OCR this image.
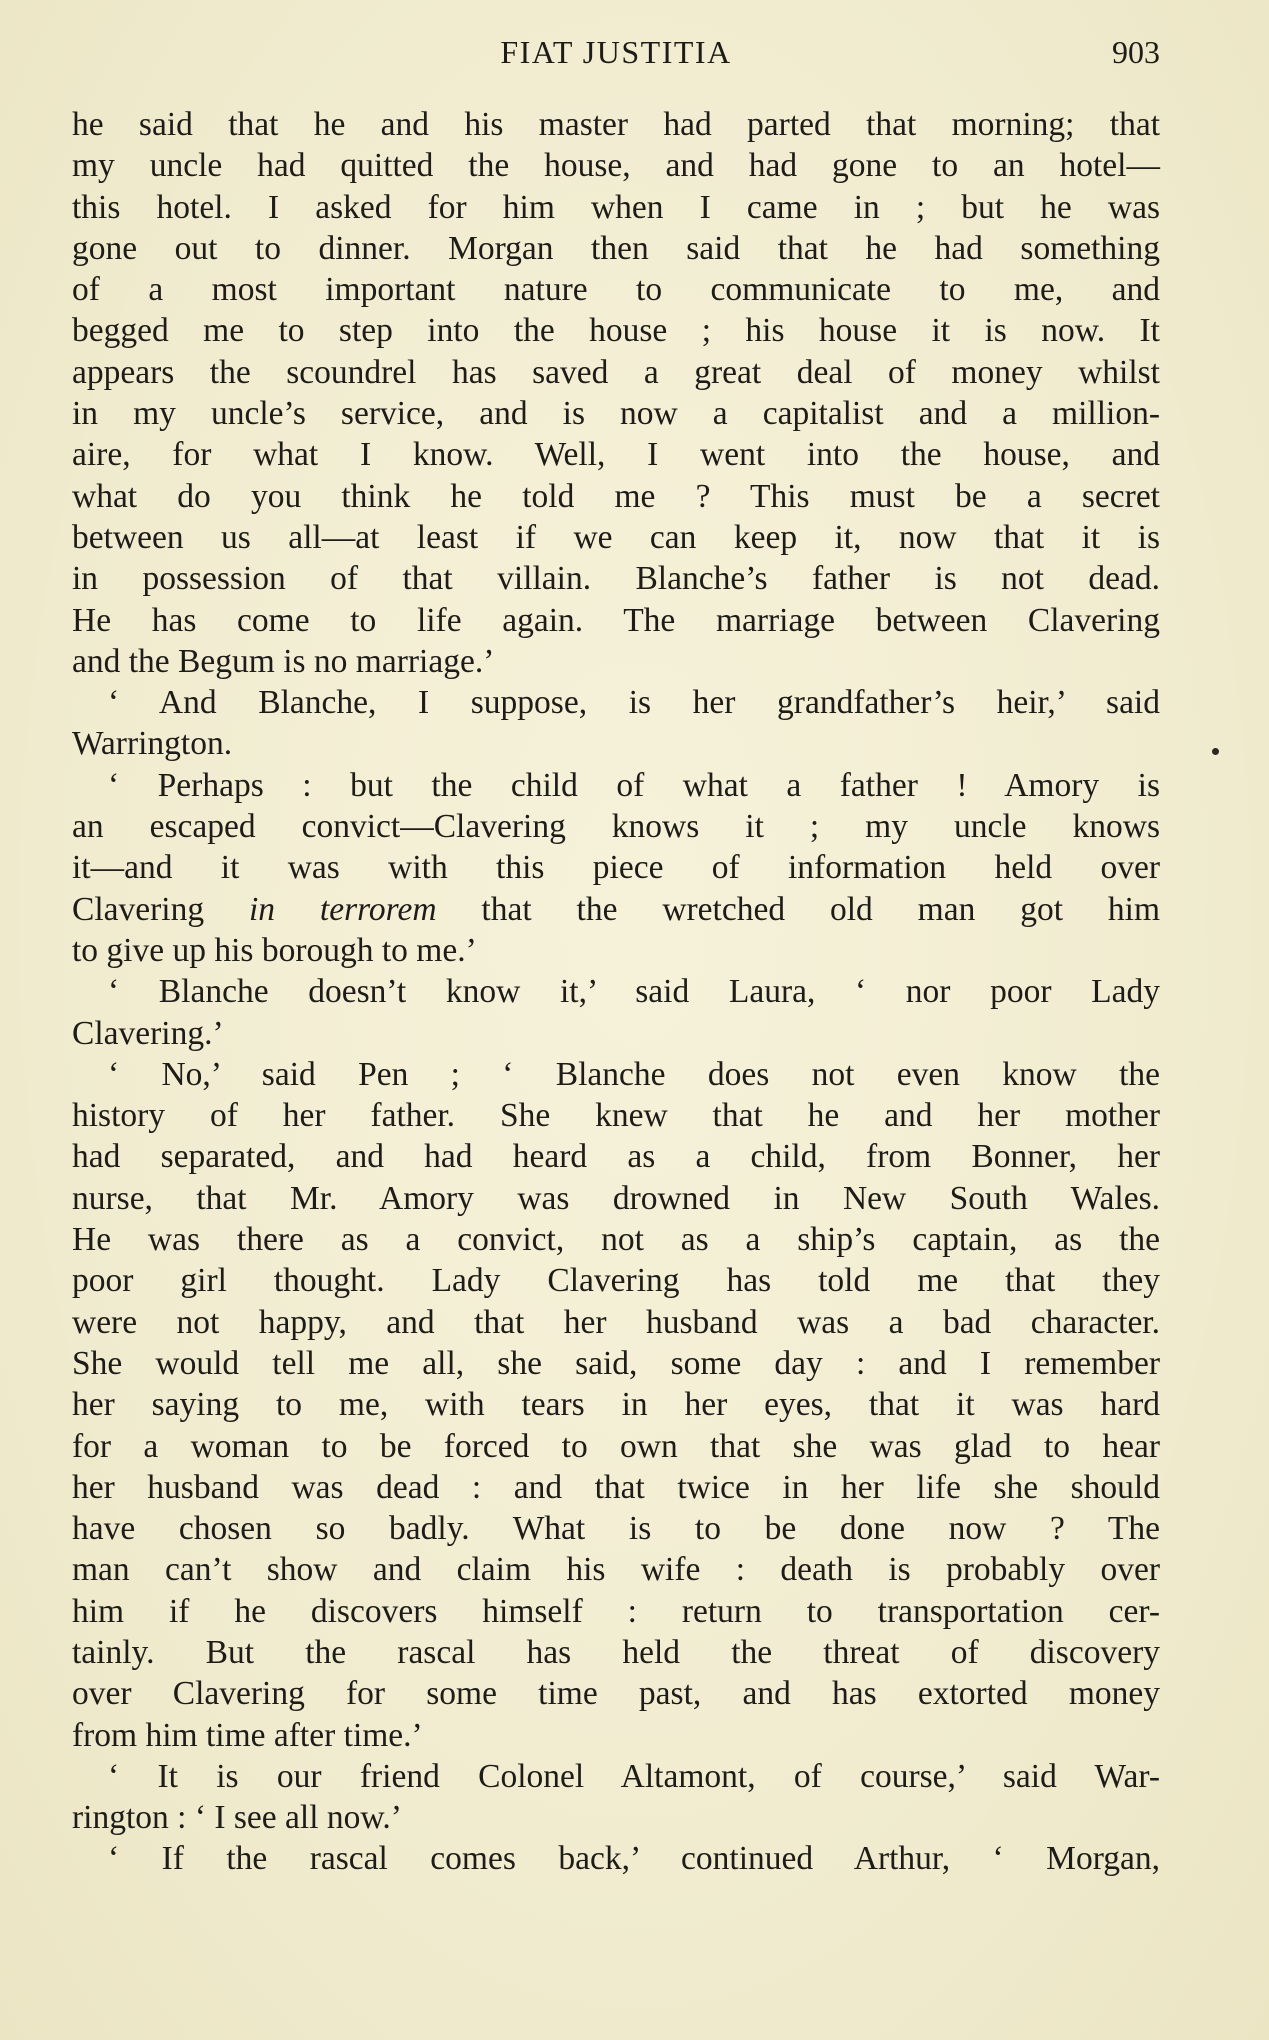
FIAT JUSTITIA	903
he said that he and his master had parted that morning; that
my uncle had quitted the house, and had gone to an hotel—
this hotel. I asked for him when I came in ; but he was
gone out to dinner. Morgan then said that he had something
of a most important nature to communicate to me, and
begged me to step into the house ; his house it is now. It
appears the scoundrel has saved a great deal of money whilst
in my uncle’s service, and is now a capitalist and a million-
aire, for what I know. Well, I went into the house, and
what do you think he told me ? This must be a secret
between us all—at least if we can keep it, now that it is
in possession of that villain. Blanche’s father is not dead.
He has come to life again. The marriage between Clavering
and the Begum is no marriage.’
‘ And Blanche, I suppose, is her grandfather’s heir,’ said
Warrington.
‘ Perhaps : but the child of what a father ! Amory is
an escaped convict—Clavering knows it ; my uncle knows
it—and it was with this piece of information held over
Clavering in terrorem that the wretched old man got him
to give up his borough to me.’
‘ Blanche doesn’t know it,’ said Laura, ‘ nor poor Lady
Clavering.’
‘ No,’ said Pen ; ‘ Blanche does not even know the
history of her father. She knew that he and her mother
had separated, and had heard as a child, from Bonner, her
nurse, that Mr. Amory was drowned in New South Wales.
He was there as a convict, not as a ship’s captain, as the
poor girl thought. Lady Clavering has told me that they
were not happy, and that her husband was a bad character.
She would tell me all, she said, some day : and I remember
her saying to me, with tears in her eyes, that it was hard
for a woman to be forced to own that she was glad to hear
her husband was dead : and that twice in her life she should
have chosen so badly. What is to be done now ? The
man can’t show and claim his wife : death is probably over
him if he discovers himself : return to transportation cer-
tainly. But the rascal has held the threat of discovery
over Clavering for some time past, and has extorted money
from him time after time.’
‘ It is our friend Colonel Altamont, of course,’ said War-
rington : ‘ I see all now.’
‘ If the rascal comes back,’ continued Arthur, ‘ Morgan,
